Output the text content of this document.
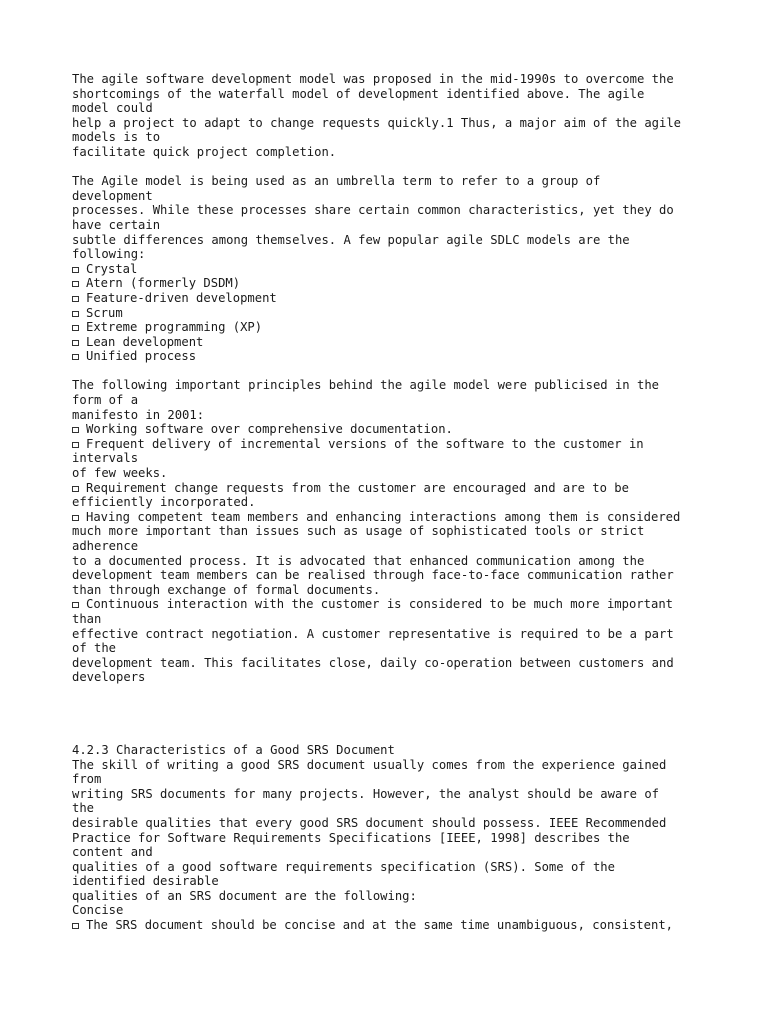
The agile software development model was proposed in the mid-1990s to overcome the
shortcomings of the waterfall model of development identified above. The agile
model could
help a project to adapt to change requests quickly.1 Thus, a major aim of the agile
models is to
facilitate quick project completion.
The Agile model is being used as an umbrella term to refer to a group of
development
processes. While these processes share certain common characteristics, yet they do
have certain
subtle differences among themselves. A few popular agile SDLC models are the
following:
Crystal
Atern (formerly DSDM)
Feature-driven development
Scrum
Extreme programming (XP)
Lean development
Unified process
The following important principles behind the agile model were publicised in the
form of a
manifesto in 2001:
Working software over comprehensive documentation.
Frequent delivery of incremental versions of the software to the customer in
intervals
of few weeks.
Requirement change requests from the customer are encouraged and are to be
efficiently incorporated.
Having competent team members and enhancing interactions among them is considered
much more important than issues such as usage of sophisticated tools or strict
adherence
to a documented process. It is advocated that enhanced communication among the
development team members can be realised through face-to-face communication rather
than through exchange of formal documents.
Continuous interaction with the customer is considered to be much more important
than
effective contract negotiation. A customer representative is required to be a part
of the
development team. This facilitates close, daily co-operation between customers and
developers
4.2.3 Characteristics of a Good SRS Document
The skill of writing a good SRS document usually comes from the experience gained
from
writing SRS documents for many projects. However, the analyst should be aware of
the
desirable qualities that every good SRS document should possess. IEEE Recommended
Practice for Software Requirements Specifications [IEEE, 1998] describes the
content and
qualities of a good software requirements specification (SRS). Some of the
identified desirable
qualities of an SRS document are the following:
Concise
The SRS document should be concise and at the same time unambiguous, consistent,
